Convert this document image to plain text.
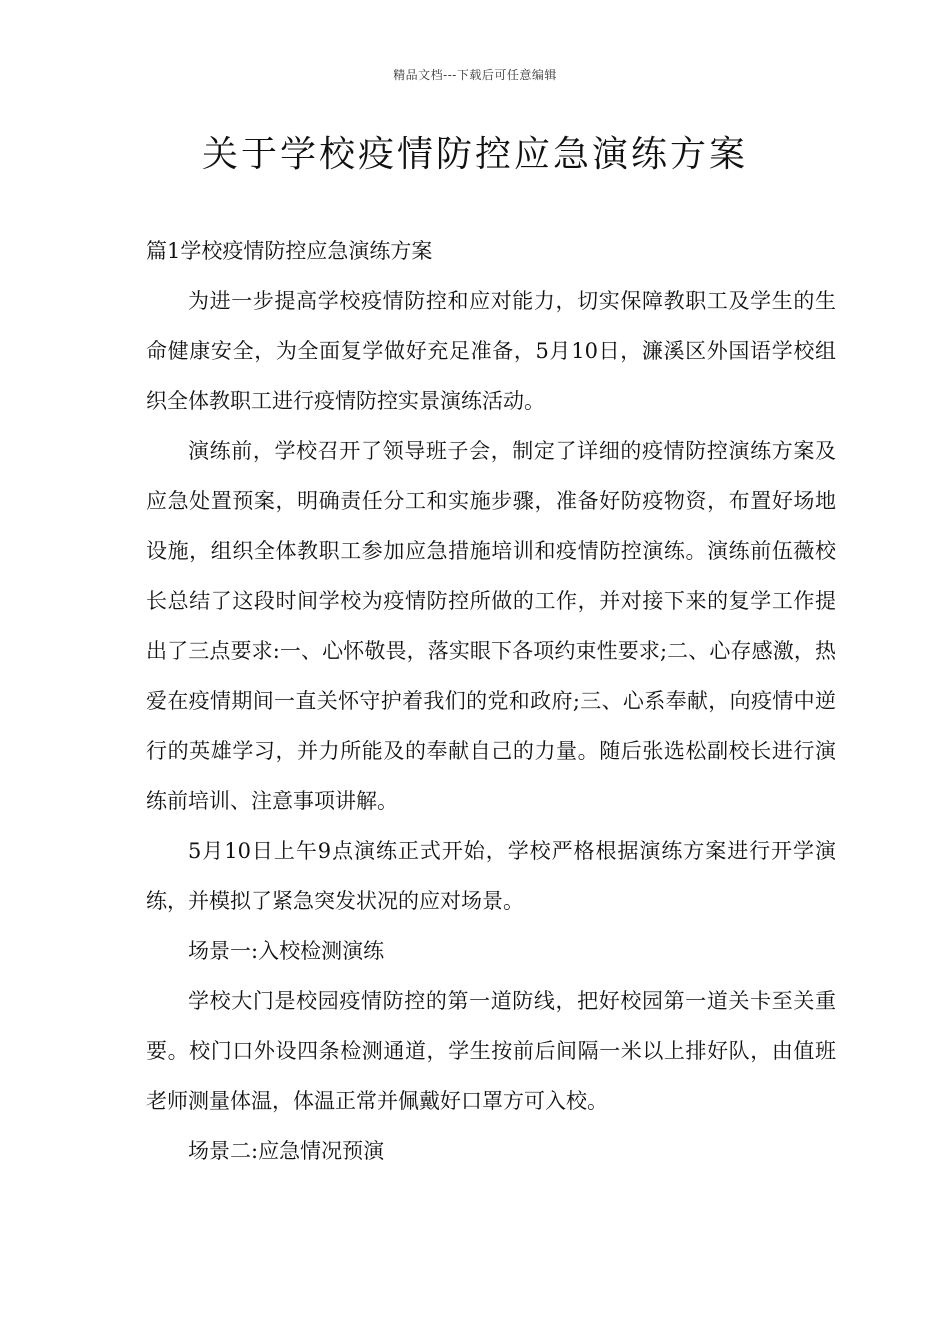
精品文档---下载后可任意编辑
关于学校疫情防控应急演练方案

篇1学校疫情防控应急演练方案

为进一步提高学校疫情防控和应对能力，切实保障教职工及学生的生命健康安全，为全面复学做好充足准备，5月10日，濂溪区外国语学校组织全体教职工进行疫情防控实景演练活动。

演练前，学校召开了领导班子会，制定了详细的疫情防控演练方案及应急处置预案，明确责任分工和实施步骤，准备好防疫物资，布置好场地设施，组织全体教职工参加应急措施培训和疫情防控演练。演练前伍薇校长总结了这段时间学校为疫情防控所做的工作，并对接下来的复学工作提出了三点要求:一、心怀敬畏，落实眼下各项约束性要求;二、心存感激，热爱在疫情期间一直关怀守护着我们的党和政府;三、心系奉献，向疫情中逆行的英雄学习，并力所能及的奉献自己的力量。随后张选松副校长进行演练前培训、注意事项讲解。

5月10日上午9点演练正式开始，学校严格根据演练方案进行开学演练，并模拟了紧急突发状况的应对场景。

场景一:入校检测演练

学校大门是校园疫情防控的第一道防线，把好校园第一道关卡至关重要。校门口外设四条检测通道，学生按前后间隔一米以上排好队，由值班老师测量体温，体温正常并佩戴好口罩方可入校。

场景二:应急情况预演
